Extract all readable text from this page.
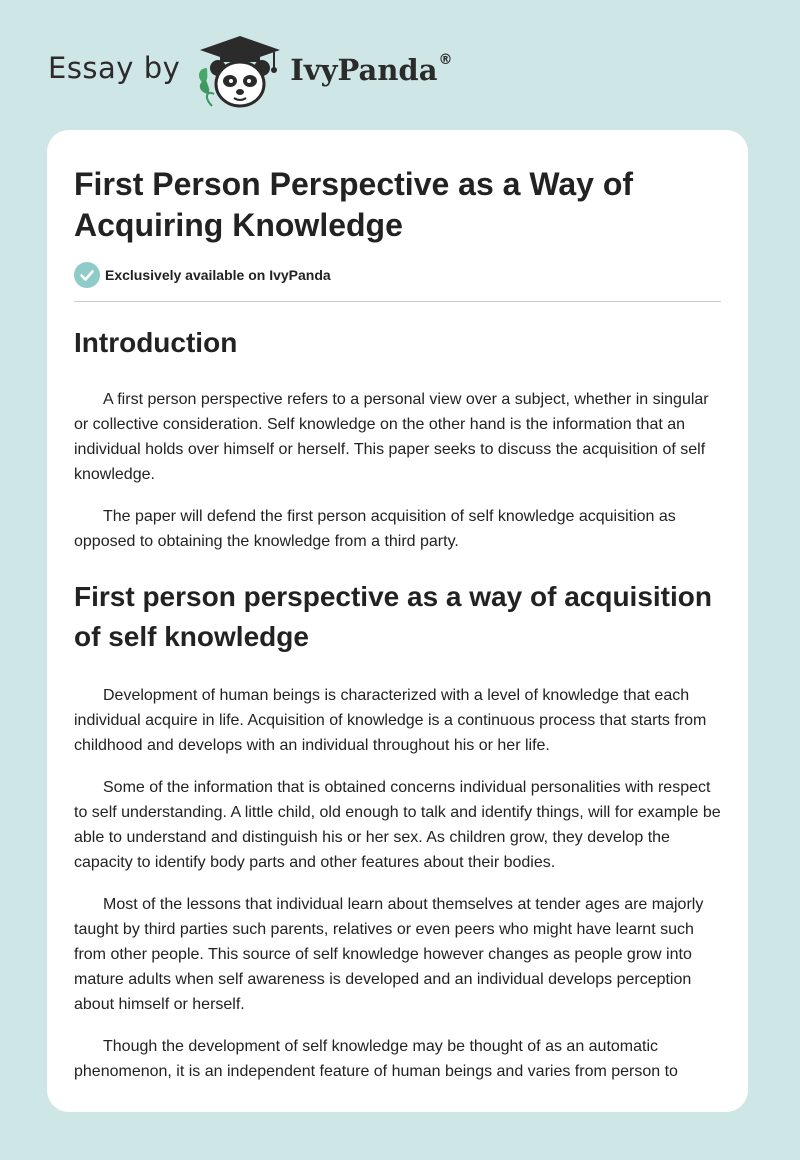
Essay by	IvyPanda ®
First Person Perspective as a Way of Acquiring Knowledge
Exclusively available on IvyPanda
Introduction

A first person perspective refers to a personal view over a subject, whether in singular or collective consideration. Self knowledge on the other hand is the information that an individual holds over himself or herself. This paper seeks to discuss the acquisition of self knowledge.

The paper will defend the first person acquisition of self knowledge acquisition as opposed to obtaining the knowledge from a third party.

First person perspective as a way of acquisition of self knowledge

Development of human beings is characterized with a level of knowledge that each individual acquire in life. Acquisition of knowledge is a continuous process that starts from childhood and develops with an individual throughout his or her life.

Some of the information that is obtained concerns individual personalities with respect to self understanding. A little child, old enough to talk and identify things, will for example be able to understand and distinguish his or her sex. As children grow, they develop the capacity to identify body parts and other features about their bodies.

Most of the lessons that individual learn about themselves at tender ages are majorly taught by third parties such parents, relatives or even peers who might have learnt such from other people. This source of self knowledge however changes as people grow into mature adults when self awareness is developed and an individual develops perception about himself or herself.

Though the development of self knowledge may be thought of as an automatic phenomenon, it is an independent feature of human beings and varies from person to
